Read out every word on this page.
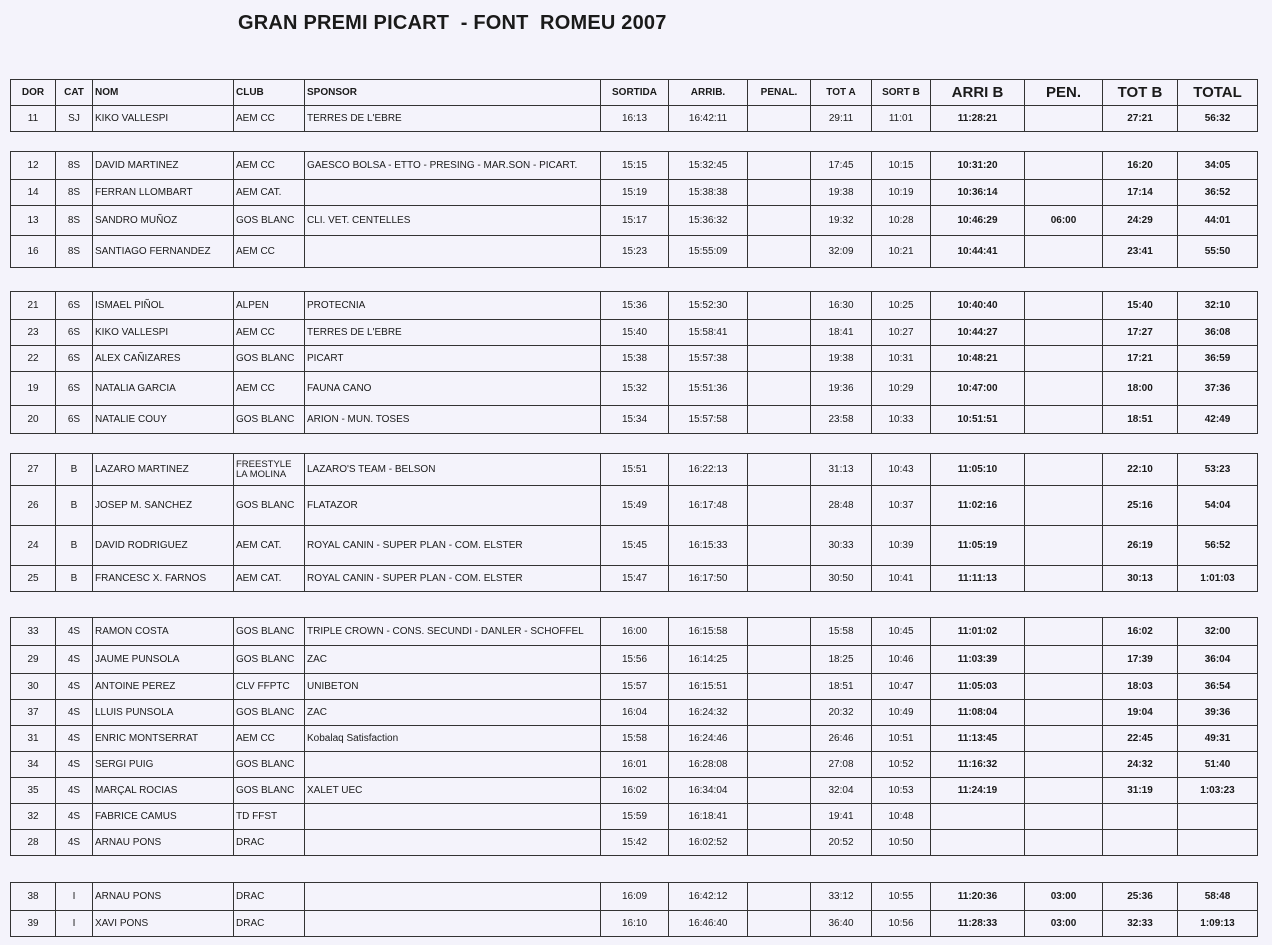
GRAN PREMI PICART  - FONT  ROMEU 2007
DOR	CAT	NOM	CLUB	SPONSOR	SORTIDA	ARRIB.	PENAL.	TOT A	SORT B	ARRI B	PEN.	TOT B	TOTAL
11	SJ	KIKO VALLESPI	AEM CC	TERRES DE L'EBRE	16:13	16:42:11		29:11	11:01	11:28:21		27:21	56:32
12	8S	DAVID MARTINEZ	AEM CC	GAESCO BOLSA - ETTO - PRESING - MAR.SON - PICART.	15:15	15:32:45		17:45	10:15	10:31:20		16:20	34:05
14	8S	FERRAN LLOMBART	AEM CAT.		15:19	15:38:38		19:38	10:19	10:36:14		17:14	36:52
13	8S	SANDRO MUÑOZ	GOS BLANC	CLI. VET. CENTELLES	15:17	15:36:32		19:32	10:28	10:46:29	06:00	24:29	44:01
16	8S	SANTIAGO FERNANDEZ	AEM CC		15:23	15:55:09		32:09	10:21	10:44:41		23:41	55:50
21	6S	ISMAEL PIÑOL	ALPEN	PROTECNIA	15:36	15:52:30		16:30	10:25	10:40:40		15:40	32:10
23	6S	KIKO VALLESPI	AEM CC	TERRES DE L'EBRE	15:40	15:58:41		18:41	10:27	10:44:27		17:27	36:08
22	6S	ALEX CAÑIZARES	GOS BLANC	PICART	15:38	15:57:38		19:38	10:31	10:48:21		17:21	36:59
19	6S	NATALIA GARCIA	AEM CC	FAUNA CANO	15:32	15:51:36		19:36	10:29	10:47:00		18:00	37:36
20	6S	NATALIE COUY	GOS BLANC	ARION - MUN. TOSES	15:34	15:57:58		23:58	10:33	10:51:51		18:51	42:49
27	B	LAZARO MARTINEZ	FREESTYLE LA MOLINA	LAZARO'S TEAM - BELSON	15:51	16:22:13		31:13	10:43	11:05:10		22:10	53:23
26	B	JOSEP M. SANCHEZ	GOS BLANC	FLATAZOR	15:49	16:17:48		28:48	10:37	11:02:16		25:16	54:04
24	B	DAVID RODRIGUEZ	AEM CAT.	ROYAL CANIN - SUPER PLAN - COM. ELSTER	15:45	16:15:33		30:33	10:39	11:05:19		26:19	56:52
25	B	FRANCESC X. FARNOS	AEM CAT.	ROYAL CANIN - SUPER PLAN - COM. ELSTER	15:47	16:17:50		30:50	10:41	11:11:13		30:13	1:01:03
33	4S	RAMON COSTA	GOS BLANC	TRIPLE CROWN - CONS. SECUNDI - DANLER - SCHOFFEL	16:00	16:15:58		15:58	10:45	11:01:02		16:02	32:00
29	4S	JAUME PUNSOLA	GOS BLANC	ZAC	15:56	16:14:25		18:25	10:46	11:03:39		17:39	36:04
30	4S	ANTOINE PEREZ	CLV FFPTC	UNIBETON	15:57	16:15:51		18:51	10:47	11:05:03		18:03	36:54
37	4S	LLUIS PUNSOLA	GOS BLANC	ZAC	16:04	16:24:32		20:32	10:49	11:08:04		19:04	39:36
31	4S	ENRIC MONTSERRAT	AEM CC	Kobalaq Satisfaction	15:58	16:24:46		26:46	10:51	11:13:45		22:45	49:31
34	4S	SERGI PUIG	GOS BLANC		16:01	16:28:08		27:08	10:52	11:16:32		24:32	51:40
35	4S	MARÇAL ROCIAS	GOS BLANC	XALET UEC	16:02	16:34:04		32:04	10:53	11:24:19		31:19	1:03:23
32	4S	FABRICE CAMUS	TD FFST		15:59	16:18:41		19:41	10:48				
28	4S	ARNAU PONS	DRAC		15:42	16:02:52		20:52	10:50				
38	I	ARNAU PONS	DRAC		16:09	16:42:12		33:12	10:55	11:20:36	03:00	25:36	58:48
39	I	XAVI PONS	DRAC		16:10	16:46:40		36:40	10:56	11:28:33	03:00	32:33	1:09:13
